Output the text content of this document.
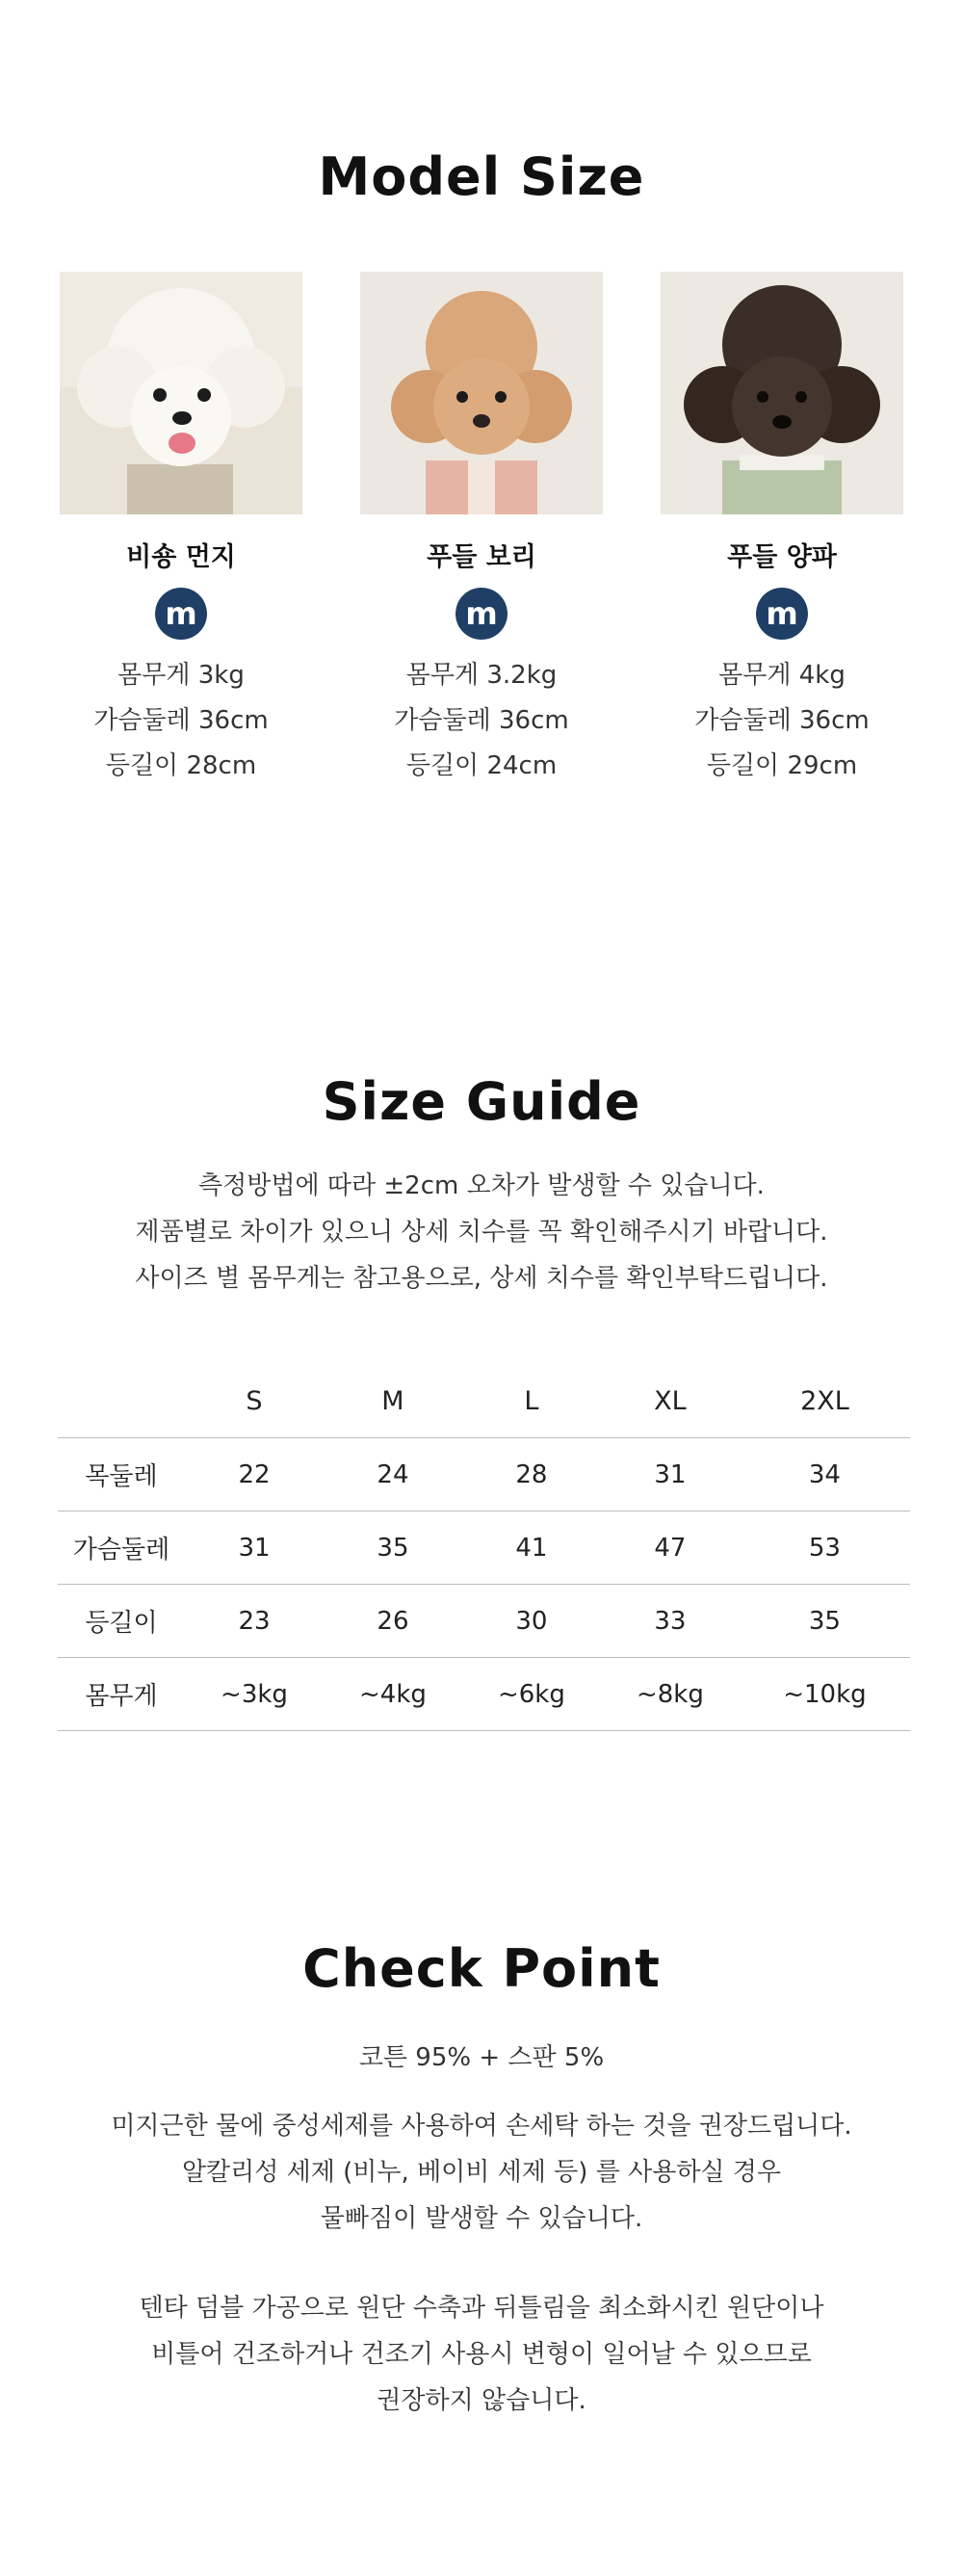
Model Size
비숑 먼지
m
몸무게 3kg
가슴둘레 36cm
등길이 28cm
푸들 보리
m
몸무게 3.2kg
가슴둘레 36cm
등길이 24cm
푸들 양파
m
몸무게 4kg
가슴둘레 36cm
등길이 29cm
Size Guide
측정방법에 따라 ±2cm 오차가 발생할 수 있습니다.
제품별로 차이가 있으니 상세 치수를 꼭 확인해주시기 바랍니다.
사이즈 별 몸무게는 참고용으로, 상세 치수를 확인부탁드립니다.
	S	M	L	XL	2XL
목둘레	22	24	28	31	34
가슴둘레	31	35	41	47	53
등길이	23	26	30	33	35
몸무게	~3kg	~4kg	~6kg	~8kg	~10kg
Check Point
코튼 95% + 스판 5%
미지근한 물에 중성세제를 사용하여 손세탁 하는 것을 권장드립니다.
알칼리성 세제 (비누, 베이비 세제 등) 를 사용하실 경우
물빠짐이 발생할 수 있습니다.
텐타 덤블 가공으로 원단 수축과 뒤틀림을 최소화시킨 원단이나
비틀어 건조하거나 건조기 사용시 변형이 일어날 수 있으므로
권장하지 않습니다.
